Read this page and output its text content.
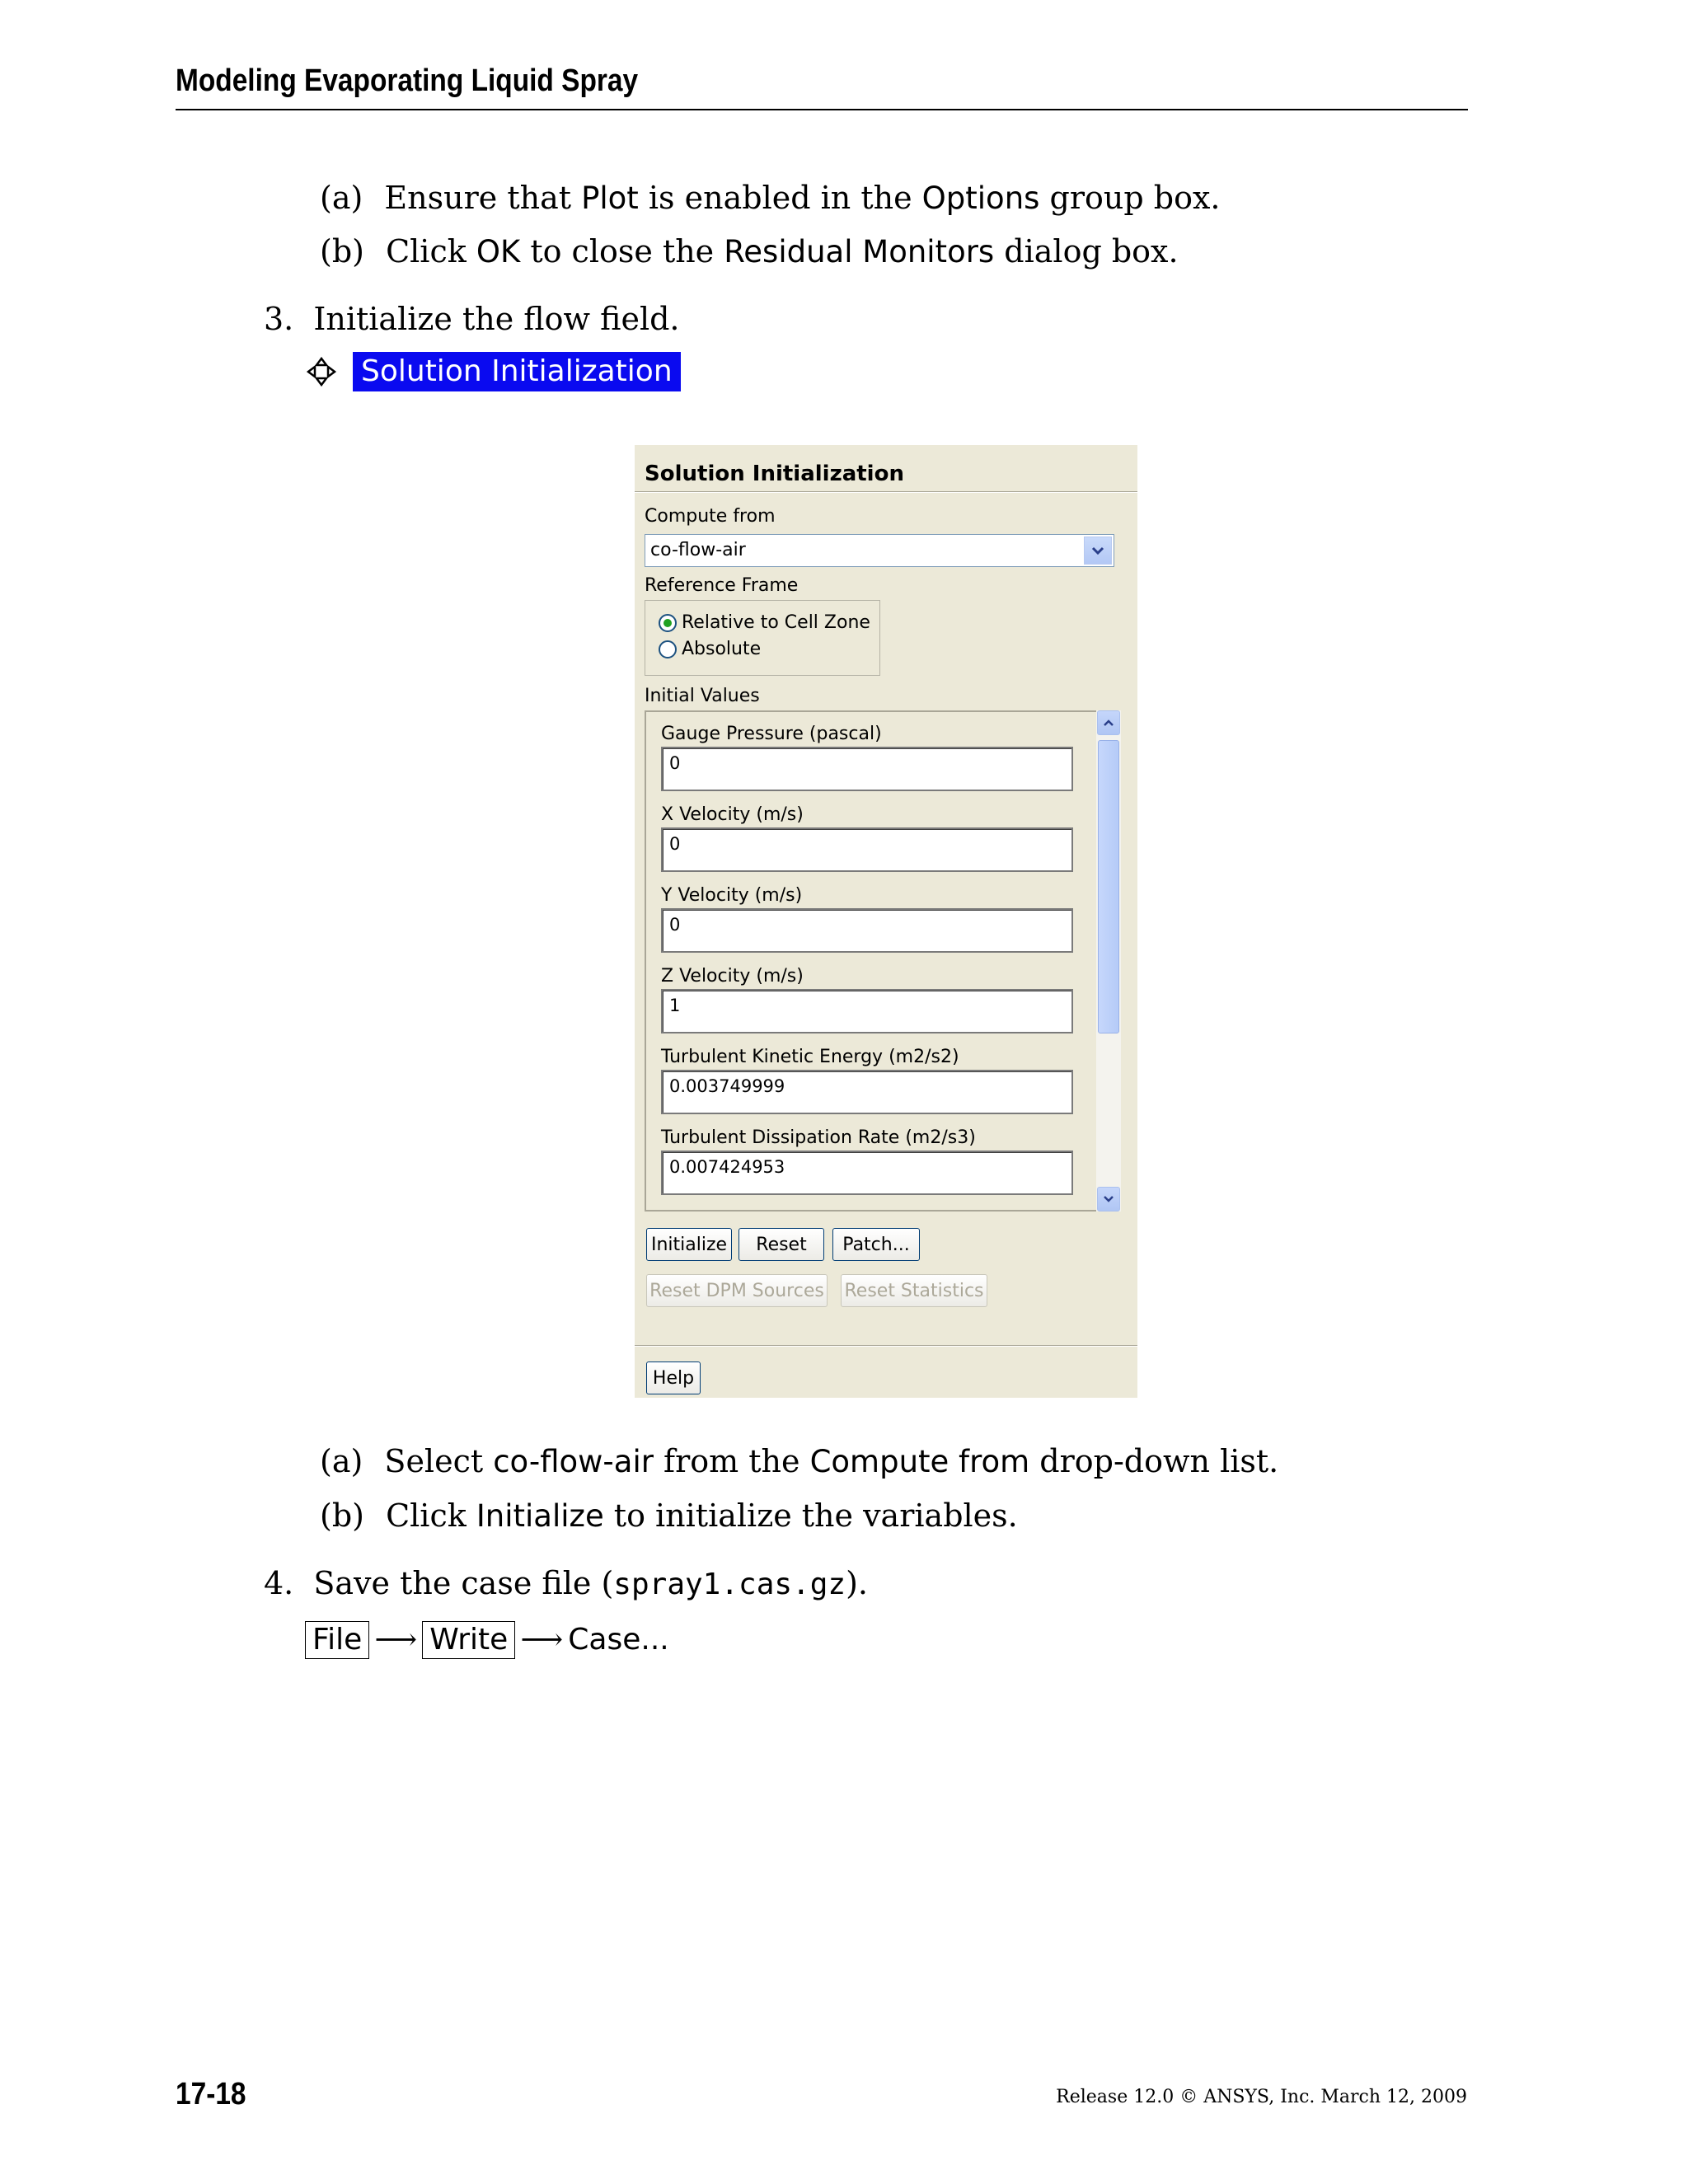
Modeling Evaporating Liquid Spray
(a) Ensure that Plot is enabled in the Options group box.
(b) Click OK to close the Residual Monitors dialog box.
3. Initialize the flow field.
Solution Initialization
Solution Initialization
Compute from
co-flow-air
Reference Frame
Relative to Cell Zone
Absolute
Initial Values
Gauge Pressure (pascal)
0
X Velocity (m/s)
0
Y Velocity (m/s)
0
Z Velocity (m/s)
1
Turbulent Kinetic Energy (m2/s2)
0.003749999
Turbulent Dissipation Rate (m2/s3)
0.007424953
Initialize	Reset	Patch...
Reset DPM Sources Reset Statistics
Help
(a) Select co-flow-air from the Compute from drop-down list.
(b) Click Initialize to initialize the variables.
4. Save the case file (spray1.cas.gz).
File ⟶ Write ⟶ Case...
17-18	Release 12.0 © ANSYS, Inc. March 12, 2009
